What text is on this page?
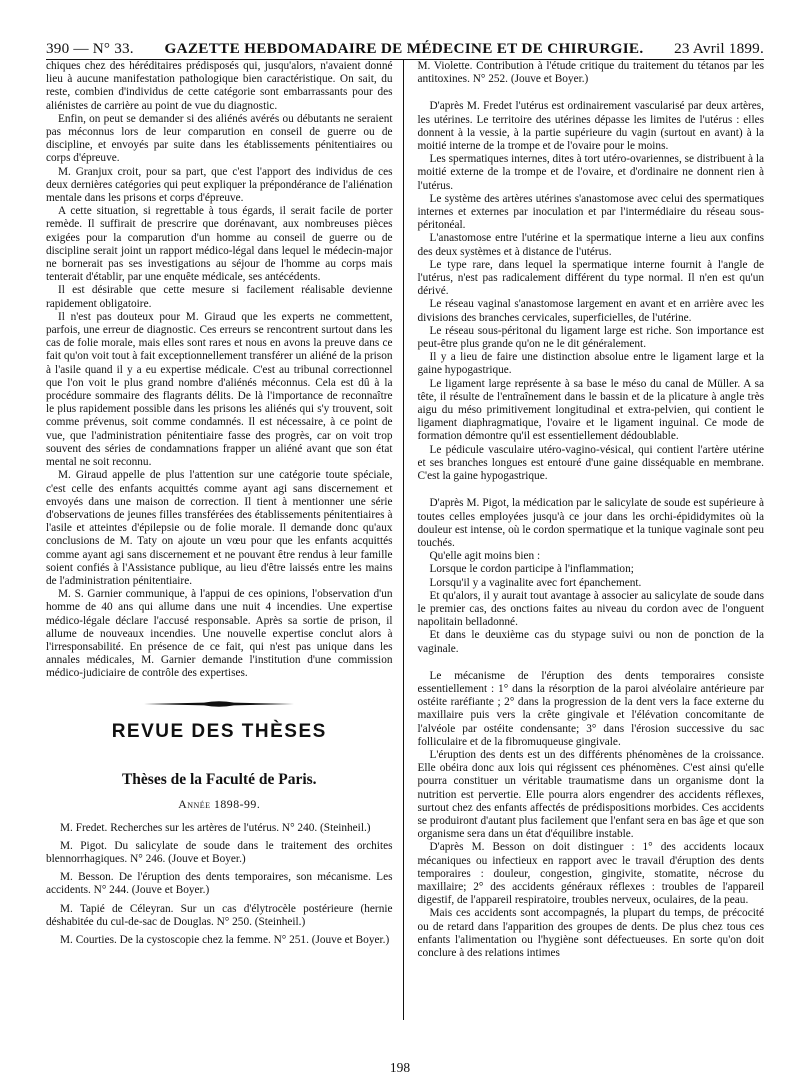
390 — N° 33. GAZETTE HEBDOMADAIRE DE MÉDECINE ET DE CHIRURGIE. 23 Avril 1899.

chiques chez des héréditaires prédisposés qui, jusqu'alors, n'avaient donné lieu à aucune manifestation pathologique bien caractéristique. On sait, du reste, combien d'individus de cette catégorie sont embarrassants pour des aliénistes de carrière au point de vue du diagnostic.

Enfin, on peut se demander si des aliénés avérés ou débutants ne seraient pas méconnus lors de leur comparution en conseil de guerre ou de discipline, et envoyés par suite dans les établissements pénitentiaires ou corps d'épreuve.

M. Granjux croit, pour sa part, que c'est l'apport des individus de ces deux dernières catégories qui peut expliquer la prépondérance de l'aliénation mentale dans les prisons et corps d'épreuve.

A cette situation, si regrettable à tous égards, il serait facile de porter remède. Il suffirait de prescrire que dorénavant, aux nombreuses pièces exigées pour la comparution d'un homme au conseil de guerre ou de discipline serait joint un rapport médico-légal dans lequel le médecin-major ne bornerait pas ses investigations au séjour de l'homme au corps mais tenterait d'établir, par une enquête médicale, ses antécédents.

Il est désirable que cette mesure si facilement réalisable devienne rapidement obligatoire.

Il n'est pas douteux pour M. Giraud que les experts ne commettent, parfois, une erreur de diagnostic. Ces erreurs se rencontrent surtout dans les cas de folie morale, mais elles sont rares et nous en avons la preuve dans ce fait qu'on voit tout à fait exceptionnellement transférer un aliéné de la prison à l'asile quand il y a eu expertise médicale. C'est au tribunal correctionnel que l'on voit le plus grand nombre d'aliénés méconnus. Cela est dû à la procédure sommaire des flagrants délits. De là l'importance de reconnaître le plus rapidement possible dans les prisons les aliénés qui s'y trouvent, soit comme prévenus, soit comme condamnés. Il est nécessaire, à ce point de vue, que l'administration pénitentiaire fasse des progrès, car on voit trop souvent des séries de condamnations frapper un aliéné avant que son état mental ne soit reconnu.

M. Giraud appelle de plus l'attention sur une catégorie toute spéciale, c'est celle des enfants acquittés comme ayant agi sans discernement et envoyés dans une maison de correction. Il tient à mentionner une série d'observations de jeunes filles transférées des établissements pénitentiaires à l'asile et atteintes d'épilepsie ou de folie morale. Il demande donc qu'aux conclusions de M. Taty on ajoute un vœu pour que les enfants acquittés comme ayant agi sans discernement et ne pouvant être rendus à leur famille soient confiés à l'Assistance publique, au lieu d'être laissés entre les mains de l'administration pénitentiaire.

M. S. Garnier communique, à l'appui de ces opinions, l'observation d'un homme de 40 ans qui allume dans une nuit 4 incendies. Une expertise médico-légale déclare l'accusé responsable. Après sa sortie de prison, il allume de nouveaux incendies. Une nouvelle expertise conclut alors à l'irresponsabilité. En présence de ce fait, qui n'est pas unique dans les annales médicales, M. Garnier demande l'institution d'une commission médico-judiciaire de contrôle des expertises.

REVUE DES THÈSES
Thèses de la Faculté de Paris.
Année 1898-99.

M. Fredet. Recherches sur les artères de l'utérus. N° 240. (Steinheil.)

M. Pigot. Du salicylate de soude dans le traitement des orchites blennorrhagiques. N° 246. (Jouve et Boyer.)

M. Besson. De l'éruption des dents temporaires, son mécanisme. Les accidents. N° 244. (Jouve et Boyer.)

M. Tapié de Céleyran. Sur un cas d'élytrocèle postérieure (hernie déshabitée du cul-de-sac de Douglas. N° 250. (Steinheil.)

M. Courties. De la cystoscopie chez la femme. N° 251. (Jouve et Boyer.)

M. Violette. Contribution à l'étude critique du traitement du tétanos par les antitoxines. N° 252. (Jouve et Boyer.)

D'après M. Fredet l'utérus est ordinairement vascularisé par deux artères, les utérines. Le territoire des utérines dépasse les limites de l'utérus : elles donnent à la vessie, à la partie supérieure du vagin (surtout en avant) à la moitié interne de la trompe et de l'ovaire pour le moins.

Les spermatiques internes, dites à tort utéro-ovariennes, se distribuent à la moitié externe de la trompe et de l'ovaire, et d'ordinaire ne donnent rien à l'utérus.

Le système des artères utérines s'anastomose avec celui des spermatiques internes et externes par inoculation et par l'intermédiaire du réseau sous-péritonéal.

L'anastomose entre l'utérine et la spermatique interne a lieu aux confins des deux systèmes et à distance de l'utérus.

Le type rare, dans lequel la spermatique interne fournit à l'angle de l'utérus, n'est pas radicalement différent du type normal. Il n'en est qu'un dérivé.

Le réseau vaginal s'anastomose largement en avant et en arrière avec les divisions des branches cervicales, superficielles, de l'utérine.

Le réseau sous-péritonal du ligament large est riche. Son importance est peut-être plus grande qu'on ne le dit généralement.

Il y a lieu de faire une distinction absolue entre le ligament large et la gaine hypogastrique.

Le ligament large représente à sa base le méso du canal de Müller. A sa tête, il résulte de l'entraînement dans le bassin et de la plicature à angle très aigu du méso primitivement longitudinal et extra-pelvien, qui contient le ligament diaphragmatique, l'ovaire et le ligament inguinal. Ce mode de formation démontre qu'il est essentiellement dédoublable.

Le pédicule vasculaire utéro-vagino-vésical, qui contient l'artère utérine et ses branches longues est entouré d'une gaine disséquable en membrane. C'est la gaine hypogastrique.

D'après M. Pigot, la médication par le salicylate de soude est supérieure à toutes celles employées jusqu'à ce jour dans les orchi-épididymites où la douleur est intense, où le cordon spermatique et la tunique vaginale sont peu touchés.

Qu'elle agit moins bien :

Lorsque le cordon participe à l'inflammation;

Lorsqu'il y a vaginalite avec fort épanchement.

Et qu'alors, il y aurait tout avantage à associer au salicylate de soude dans le premier cas, des onctions faites au niveau du cordon avec de l'onguent napolitain belladonné.

Et dans le deuxième cas du stypage suivi ou non de ponction de la vaginale.

Le mécanisme de l'éruption des dents temporaires consiste essentiellement : 1° dans la résorption de la paroi alvéolaire antérieure par ostéite raréfiante ; 2° dans la progression de la dent vers la face externe du maxillaire puis vers la crête gingivale et l'élévation concomitante de l'alvéole par ostéite condensante; 3° dans l'érosion successive du sac folliculaire et de la fibromuqueuse gingivale.

L'éruption des dents est un des différents phénomènes de la croissance. Elle obéira donc aux lois qui régissent ces phénomènes. C'est ainsi qu'elle pourra constituer un véritable traumatisme dans un organisme dont la nutrition est pervertie. Elle pourra alors engendrer des accidents réflexes, surtout chez des enfants affectés de prédispositions morbides. Ces accidents se produiront d'autant plus facilement que l'enfant sera en bas âge et que son organisme sera dans un état d'équilibre instable.

D'après M. Besson on doit distinguer : 1° des accidents locaux mécaniques ou infectieux en rapport avec le travail d'éruption des dents temporaires : douleur, congestion, gingivite, stomatite, nécrose du maxillaire; 2° des accidents généraux réflexes : troubles de l'appareil digestif, de l'appareil respiratoire, troubles nerveux, oculaires, de la peau.

Mais ces accidents sont accompagnés, la plupart du temps, de précocité ou de retard dans l'apparition des groupes de dents. De plus chez tous ces enfants l'alimentation ou l'hygiène sont défectueuses. En sorte qu'on doit conclure à des relations intimes

198
